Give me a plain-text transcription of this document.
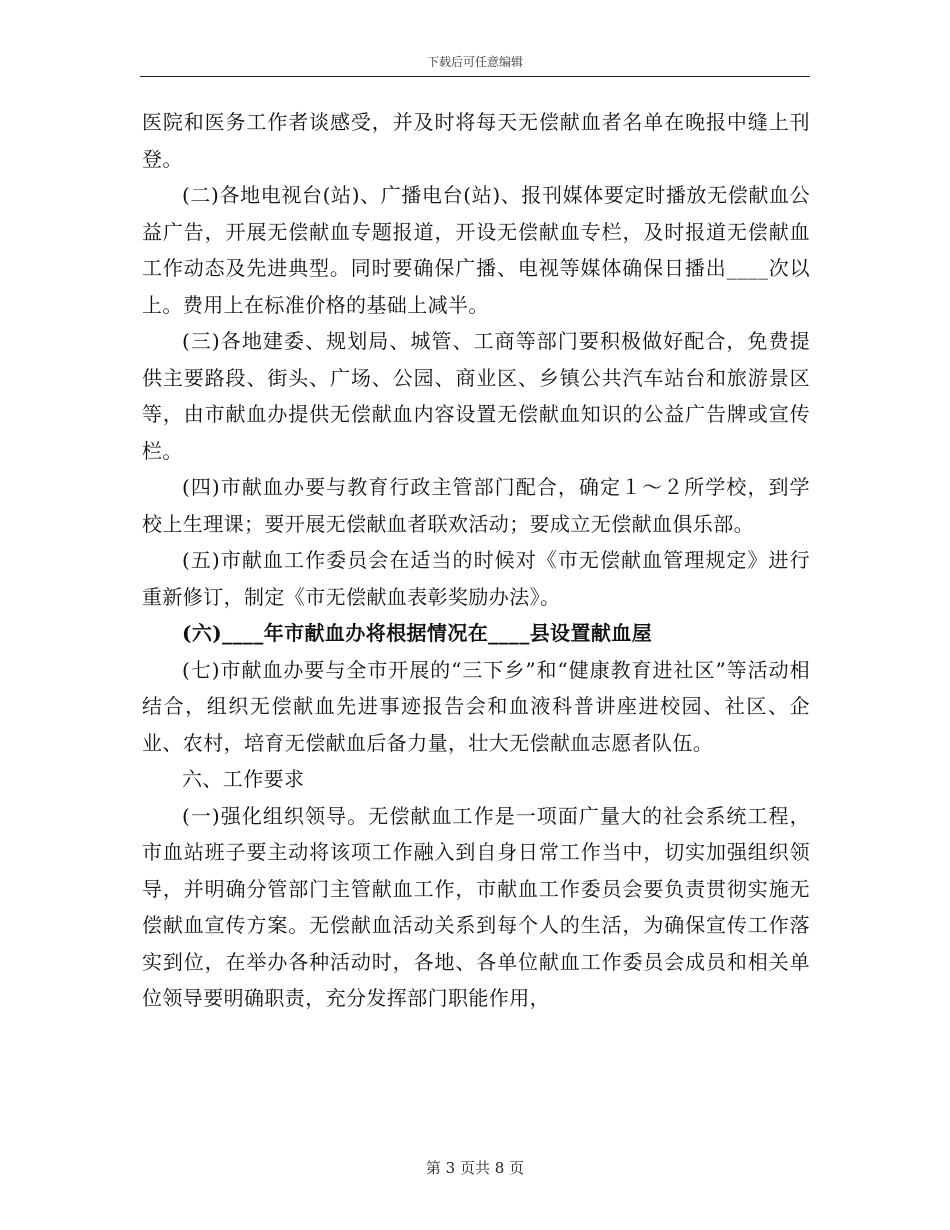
下载后可任意编辑

医院和医务工作者谈感受，并及时将每天无偿献血者名单在晚报中缝上刊登。

(二)各地电视台(站)、广播电台(站)、报刊媒体要定时播放无偿献血公益广告，开展无偿献血专题报道，开设无偿献血专栏，及时报道无偿献血工作动态及先进典型。同时要确保广播、电视等媒体确保日播出____次以上。费用上在标准价格的基础上减半。

(三)各地建委、规划局、城管、工商等部门要积极做好配合，免费提供主要路段、街头、广场、公园、商业区、乡镇公共汽车站台和旅游景区等，由市献血办提供无偿献血内容设置无偿献血知识的公益广告牌或宣传栏。

(四)市献血办要与教育行政主管部门配合，确定１～２所学校，到学校上生理课；要开展无偿献血者联欢活动；要成立无偿献血俱乐部。

(五)市献血工作委员会在适当的时候对《市无偿献血管理规定》进行重新修订，制定《市无偿献血表彰奖励办法》。

(六)____年市献血办将根据情况在____县设置献血屋

(七)市献血办要与全市开展的“三下乡”和“健康教育进社区”等活动相结合，组织无偿献血先进事迹报告会和血液科普讲座进校园、社区、企业、农村，培育无偿献血后备力量，壮大无偿献血志愿者队伍。

六、工作要求

(一)强化组织领导。无偿献血工作是一项面广量大的社会系统工程，市血站班子要主动将该项工作融入到自身日常工作当中，切实加强组织领导，并明确分管部门主管献血工作，市献血工作委员会要负责贯彻实施无偿献血宣传方案。无偿献血活动关系到每个人的生活，为确保宣传工作落实到位，在举办各种活动时，各地、各单位献血工作委员会成员和相关单位领导要明确职责，充分发挥部门职能作用，

第 3 页共 8 页
